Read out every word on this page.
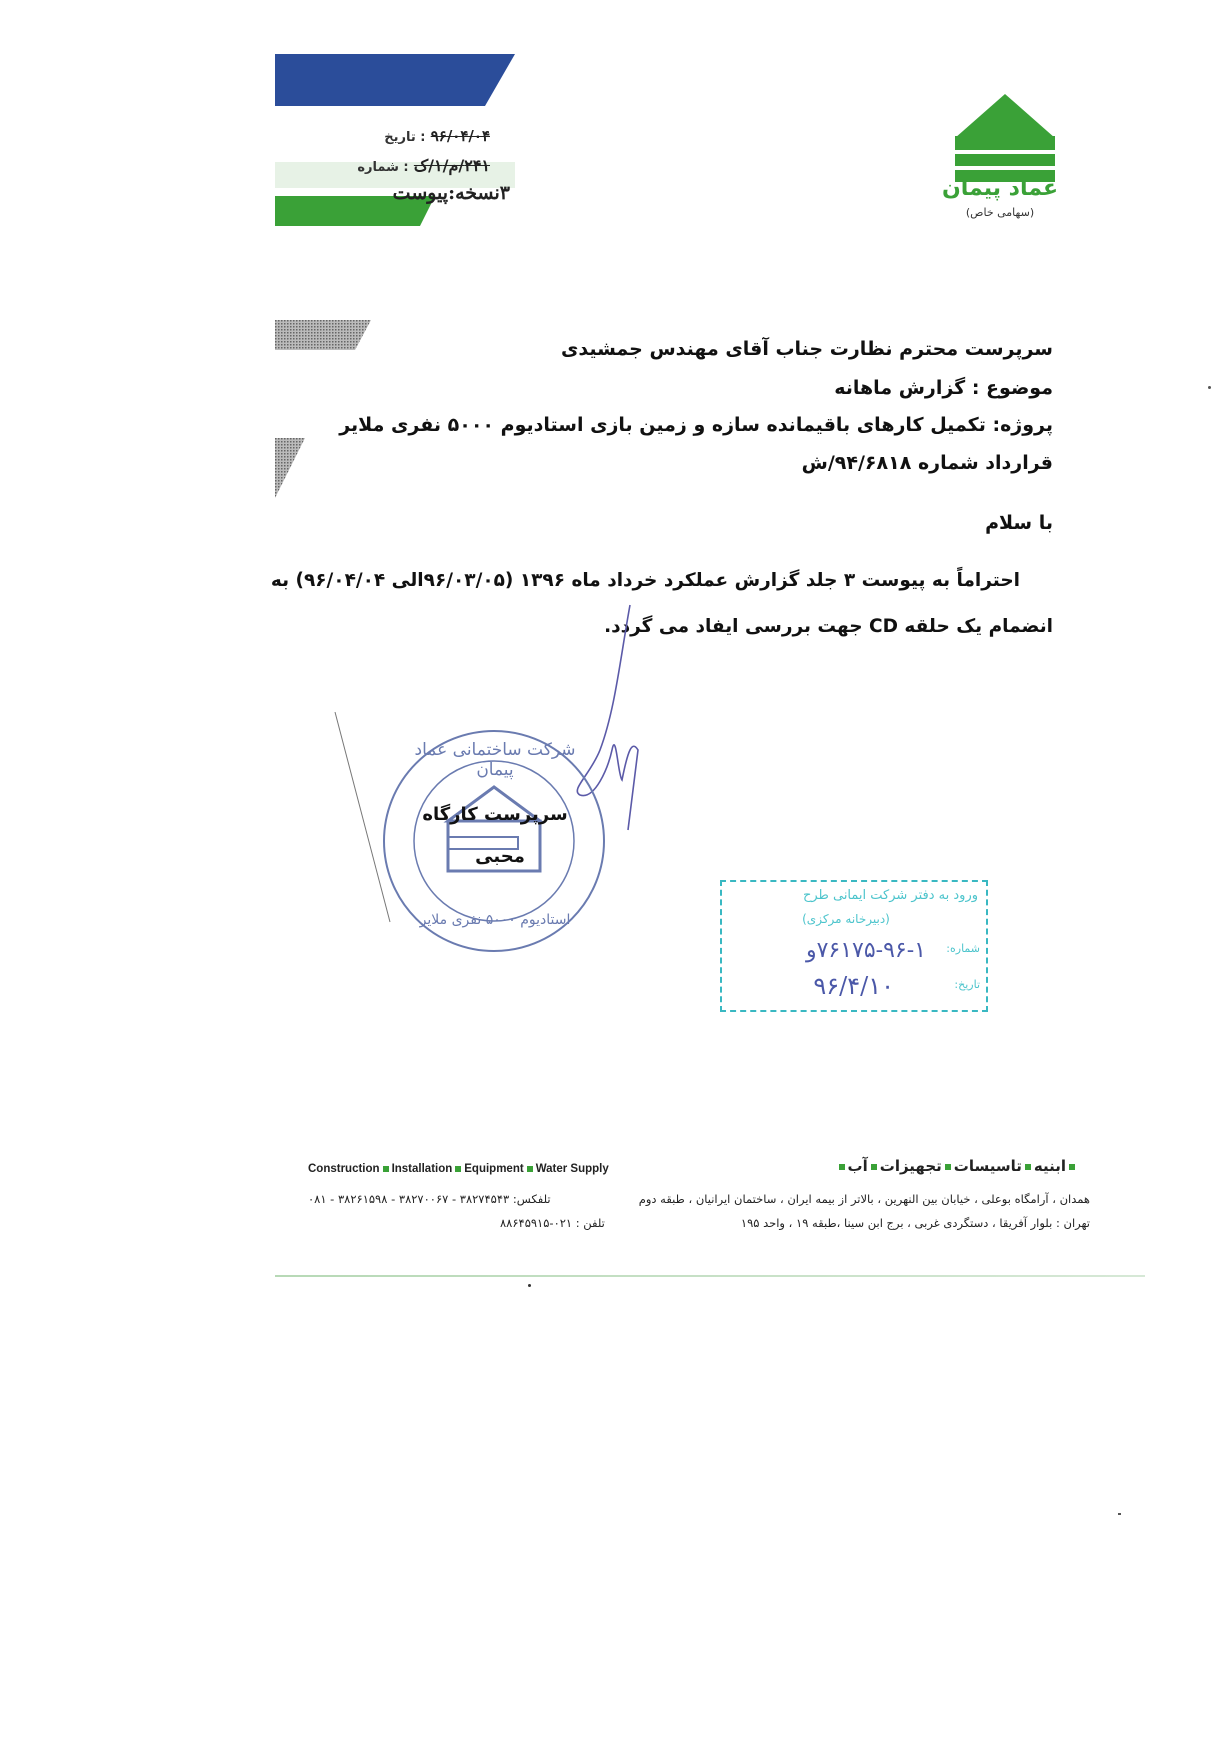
۹۶/۰۴/۰۴ : تاریخ
۲۴۱/م/۱/ک : شماره
۳نسخه:پیوست	عماد پیمان
(سهامی خاص)
سرپرست محترم نظارت جناب آقای مهندس جمشیدی
موضوع : گزارش ماهانه
پروژه: تکمیل کارهای باقیمانده سازه و زمین بازی استادیوم ۵۰۰۰ نفری ملایر
قرارداد شماره ۹۴/۶۸۱۸/ش
با سلام
احتراماً به پیوست ۳ جلد گزارش عملکرد خرداد ماه ۱۳۹۶ (۹۶/۰۳/۰۵الی ۹۶/۰۴/۰۴) به
انضمام یک حلقه CD جهت بررسی ایفاد می گردد.
شرکت ساختمانی عماد پیمان
استادیوم ۵۰۰۰ نفری ملایر
سرپرست کارگاه
محبی
ورود به دفتر شرکت ایمانی طرح
(دبیرخانه مرکزی)
شماره:
۷۶۱۷۵-۹۶-۱و
تاریخ:
۹۶/۴/۱۰
Construction Installation Equipment Water Supply	ابنیهتاسیساتتجهیزاتآب
همدان ، آرامگاه بوعلی ، خیابان بین النهرین ، بالاتر از بیمه ایران ، ساختمان ایرانیان ، طبقه دوم
تلفکس: ۳۸۲۷۴۵۴۳ - ۳۸۲۷۰۰۶۷ - ۳۸۲۶۱۵۹۸ - ۰۸۱
تهران : بلوار آفریقا ، دستگردی غربی ، برج ابن سینا ،طبقه ۱۹ ، واحد ۱۹۵
تلفن : ۰۲۱-۸۸۶۴۵۹۱۵
